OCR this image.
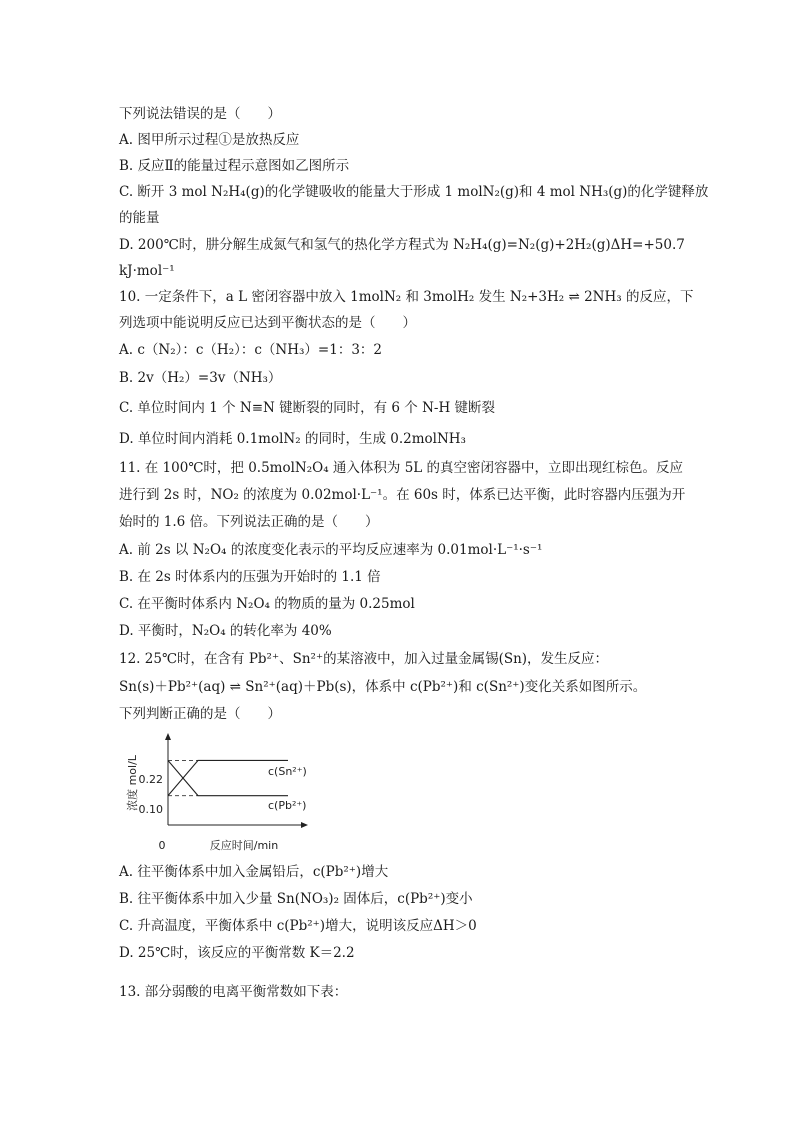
下列说法错误的是（　　）
A. 图甲所示过程①是放热反应
B. 反应Ⅱ的能量过程示意图如乙图所示
C. 断开 3 mol N₂H₄(g)的化学键吸收的能量大于形成 1 molN₂(g)和 4 mol NH₃(g)的化学键释放
的能量
D. 200℃时，肼分解生成氮气和氢气的热化学方程式为 N₂H₄(g)=N₂(g)+2H₂(g)ΔH=+50.7
kJ·mol⁻¹
10. 一定条件下，a L 密闭容器中放入 1molN₂ 和 3molH₂ 发生 N₂+3H₂ ⇌ 2NH₃ 的反应，下
列选项中能说明反应已达到平衡状态的是（　　）
A. c（N₂）：c（H₂）：c（NH₃）=1：3：2
B. 2v（H₂）=3v（NH₃）
C. 单位时间内 1 个 N≡N 键断裂的同时，有 6 个 N-H 键断裂
D. 单位时间内消耗 0.1molN₂ 的同时，生成 0.2molNH₃
11. 在 100℃时，把 0.5molN₂O₄ 通入体积为 5L 的真空密闭容器中，立即出现红棕色。反应
进行到 2s 时，NO₂ 的浓度为 0.02mol·L⁻¹。在 60s 时，体系已达平衡，此时容器内压强为开
始时的 1.6 倍。下列说法正确的是（　　）
A. 前 2s 以 N₂O₄ 的浓度变化表示的平均反应速率为 0.01mol·L⁻¹·s⁻¹
B. 在 2s 时体系内的压强为开始时的 1.1 倍
C. 在平衡时体系内 N₂O₄ 的物质的量为 0.25mol
D. 平衡时，N₂O₄ 的转化率为 40%
12. 25℃时，在含有 Pb²⁺、Sn²⁺的某溶液中，加入过量金属锡(Sn)，发生反应：
Sn(s)＋Pb²⁺(aq) ⇌ Sn²⁺(aq)＋Pb(s)，体系中 c(Pb²⁺)和 c(Sn²⁺)变化关系如图所示。
下列判断正确的是（　　）
浓度 mol/L 0.22
0.10
0	反应时间/min
c(Sn²⁺)
c(Pb²⁺)
A. 往平衡体系中加入金属铅后，c(Pb²⁺)增大
B. 往平衡体系中加入少量 Sn(NO₃)₂ 固体后，c(Pb²⁺)变小
C. 升高温度，平衡体系中 c(Pb²⁺)增大，说明该反应ΔH＞0
D. 25℃时，该反应的平衡常数 K＝2.2
13. 部分弱酸的电离平衡常数如下表：
